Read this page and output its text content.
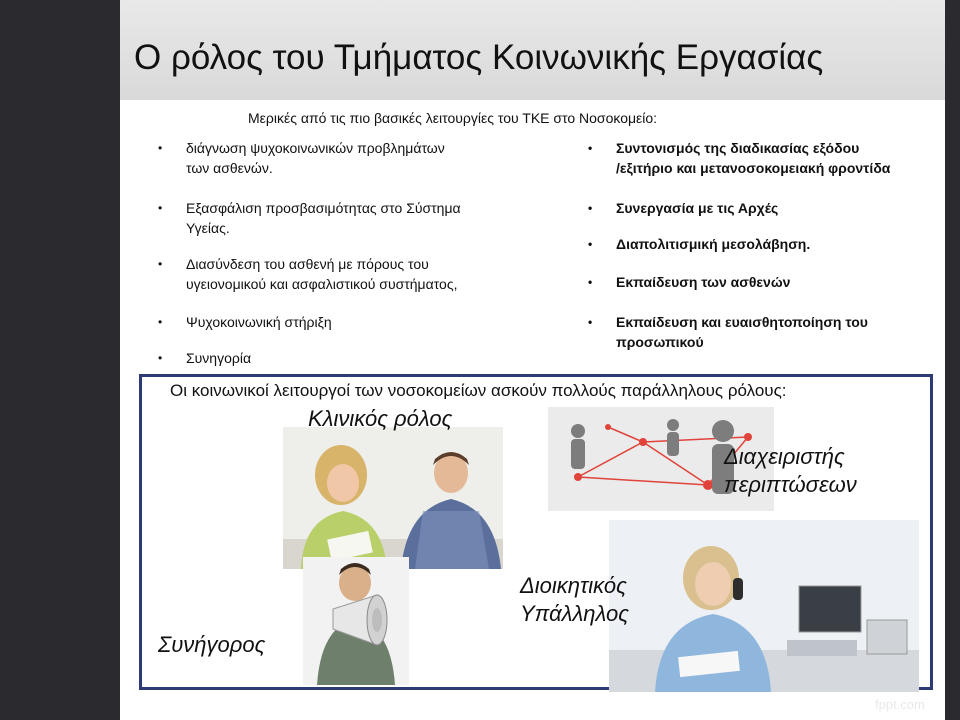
Ο ρόλος του Τμήματος Κοινωνικής Εργασίας
Μερικές από τις πιο βασικές λειτουργίες του ΤΚΕ στο Νοσοκομείο:
• διάγνωση ψυχοκοινωνικών προβλημάτων
των ασθενών.
• Εξασφάλιση προσβασιμότητας στο Σύστημα
Υγείας.
• Διασύνδεση του ασθενή με πόρους του
υγειονομικού και ασφαλιστικού συστήματος,
• Ψυχοκοινωνική στήριξη
• Συνηγορία
• Συντονισμός της διαδικασίας εξόδου
/εξιτήριο και μετανοσοκομειακή φροντίδα
• Συνεργασία με τις Αρχές
• Διαπολιτισμική μεσολάβηση.
• Εκπαίδευση των ασθενών
• Εκπαίδευση και ευαισθητοποίηση του
προσωπικού
Οι κοινωνικοί λειτουργοί των νοσοκομείων ασκούν πολλούς παράλληλους ρόλους:
Κλινικός ρόλος
Διαχειριστής
περιπτώσεων
Διοικητικός
Υπάλληλος
Συνήγορος
fppt.com
